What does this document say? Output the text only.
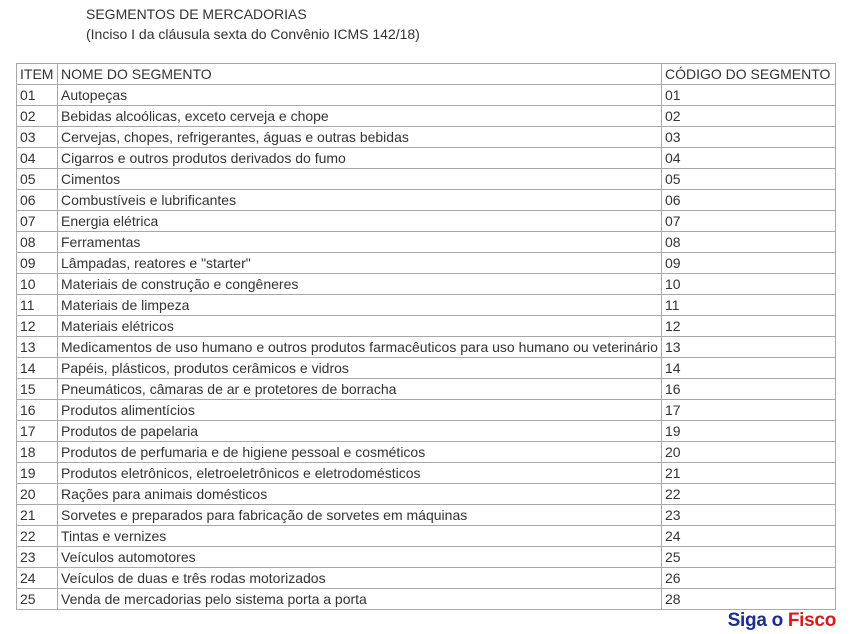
SEGMENTOS DE MERCADORIAS
(Inciso I da cláusula sexta do Convênio ICMS 142/18)
ITEM	NOME DO SEGMENTO	CÓDIGO DO SEGMENTO
01	Autopeças	01
02	Bebidas alcoólicas, exceto cerveja e chope	02
03	Cervejas, chopes, refrigerantes, águas e outras bebidas	03
04	Cigarros e outros produtos derivados do fumo	04
05	Cimentos	05
06	Combustíveis e lubrificantes	06
07	Energia elétrica	07
08	Ferramentas	08
09	Lâmpadas, reatores e "starter"	09
10	Materiais de construção e congêneres	10
11	Materiais de limpeza	11
12	Materiais elétricos	12
13	Medicamentos de uso humano e outros produtos farmacêuticos para uso humano ou veterinário	13
14	Papéis, plásticos, produtos cerâmicos e vidros	14
15	Pneumáticos, câmaras de ar e protetores de borracha	16
16	Produtos alimentícios	17
17	Produtos de papelaria	19
18	Produtos de perfumaria e de higiene pessoal e cosméticos	20
19	Produtos eletrônicos, eletroeletrônicos e eletrodomésticos	21
20	Rações para animais domésticos	22
21	Sorvetes e preparados para fabricação de sorvetes em máquinas	23
22	Tintas e vernizes	24
23	Veículos automotores	25
24	Veículos de duas e três rodas motorizados	26
25	Venda de mercadorias pelo sistema porta a porta	28
Siga o Fisco
